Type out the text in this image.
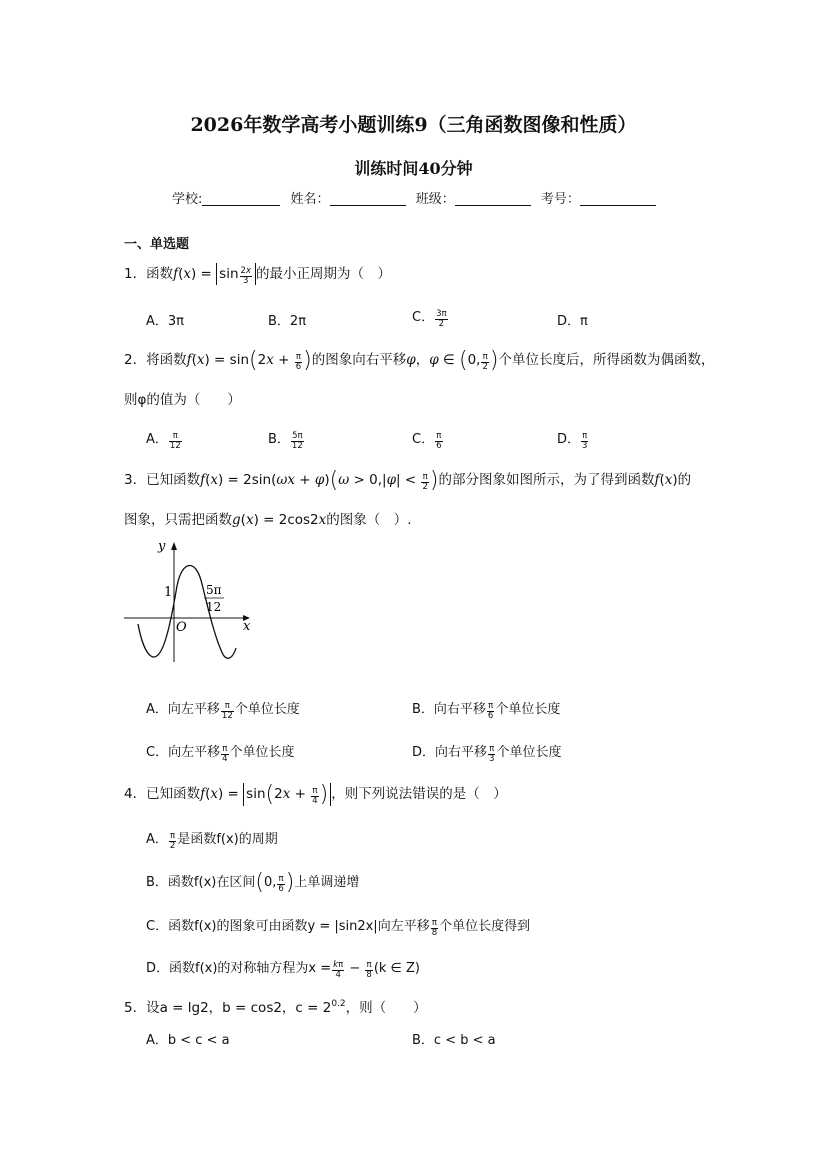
2026年数学高考小题训练9（三角函数图像和性质）
训练时间40分钟
学校:	姓名：	班级：	考号：
一、单选题
1．函数$f(x) = \sin \frac{2x}{3}$ 的最小正周期为（　）
A．3π	B．2π	C． $\frac{3\pi}{2}$	D．π
2．将函数$f(x) = \sin(2x + \frac{\pi}{6}$ )的图象向右平移φ，φ ∈ (0, $\frac{\pi}{2}$ )个单位长度后，所得函数为偶函数，
则φ的值为（　　）
A． $\frac{\pi}{12}$	B． $\frac{5\pi}{12}$	C． $\frac{\pi}{6}$	D． $\frac{\pi}{3}$
3．已知函数$f(x) = 2\sin(\omega x + \varphi)(\omega > 0,|\varphi| < \frac{\pi}{2}$ )的部分图象如图所示，为了得到函数f(x)的
图象，只需把函数g(x) = 2cos2x的图象（　）.
y
x
O
1	5π
12
A．向左平移 $\frac{\pi}{12}$ 个单位长度	B．向右平移 $\frac{\pi}{6}$ 个单位长度
C．向左平移 $\frac{\pi}{4}$ 个单位长度	D．向右平移 $\frac{\pi}{3}$ 个单位长度
4．已知函数$f(x) = \sin(2x + \frac{\pi}{4}$ ) ，则下列说法错误的是（　）
A． $\frac{\pi}{2}$ 是函数f(x)的周期
B．函数f(x)在区间(0, $\frac{\pi}{6}$ )上单调递增
C．函数f(x)的图象可由函数y = |sin2x|向左平移 $\frac{\pi}{8}$ 个单位长度得到
D．函数f(x)的对称轴方程为$x = \frac{k\pi}{4} - \frac{\pi}{8} (k$ ∈ Z)
5．设a = lg2，b = cos2，$c = 2^{0.2}$，则（　　）
A．b < c < a	B．c < b < a
